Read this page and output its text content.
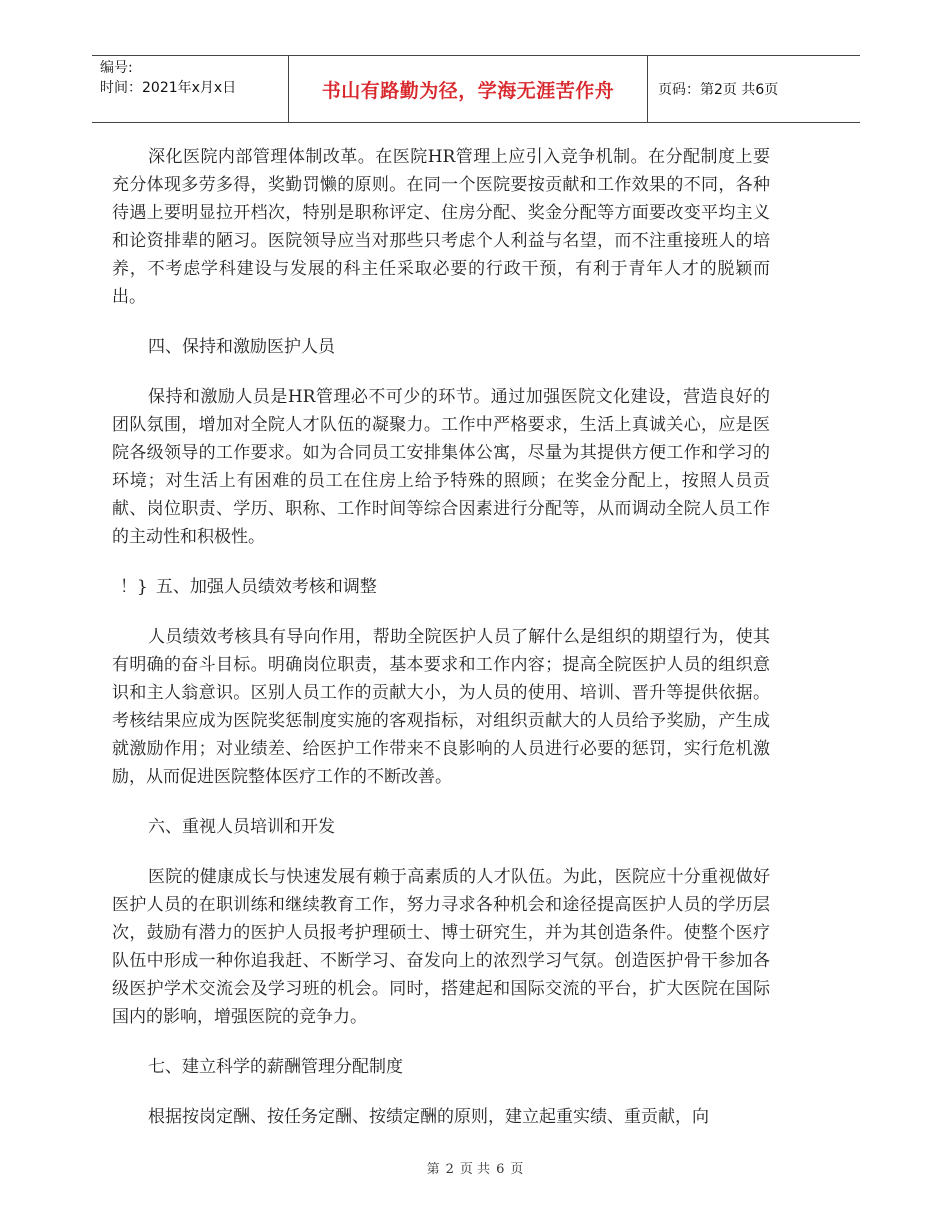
编号:
时间：2021年x月x日	书山有路勤为径，学海无涯苦作舟	页码：第2页 共6页

深化医院内部管理体制改革。在医院HR管理上应引入竞争机制。在分配制度上要充分体现多劳多得，奖勤罚懒的原则。在同一个医院要按贡献和工作效果的不同，各种待遇上要明显拉开档次，特别是职称评定、住房分配、奖金分配等方面要改变平均主义和论资排辈的陋习。医院领导应当对那些只考虑个人利益与名望，而不注重接班人的培养，不考虑学科建设与发展的科主任采取必要的行政干预，有利于青年人才的脱颖而出。

四、保持和激励医护人员

保持和激励人员是HR管理必不可少的环节。通过加强医院文化建设，营造良好的团队氛围，增加对全院人才队伍的凝聚力。工作中严格要求，生活上真诚关心，应是医院各级领导的工作要求。如为合同员工安排集体公寓，尽量为其提供方便工作和学习的环境；对生活上有困难的员工在住房上给予特殊的照顾；在奖金分配上，按照人员贡献、岗位职责、学历、职称、工作时间等综合因素进行分配等，从而调动全院人员工作的主动性和积极性。

！} 五、加强人员绩效考核和调整

人员绩效考核具有导向作用，帮助全院医护人员了解什么是组织的期望行为，使其有明确的奋斗目标。明确岗位职责，基本要求和工作内容；提高全院医护人员的组织意识和主人翁意识。区别人员工作的贡献大小，为人员的使用、培训、晋升等提供依据。考核结果应成为医院奖惩制度实施的客观指标，对组织贡献大的人员给予奖励，产生成就激励作用；对业绩差、给医护工作带来不良影响的人员进行必要的惩罚，实行危机激励，从而促进医院整体医疗工作的不断改善。

六、重视人员培训和开发

医院的健康成长与快速发展有赖于高素质的人才队伍。为此，医院应十分重视做好医护人员的在职训练和继续教育工作，努力寻求各种机会和途径提高医护人员的学历层次，鼓励有潜力的医护人员报考护理硕士、博士研究生，并为其创造条件。使整个医疗队伍中形成一种你追我赶、不断学习、奋发向上的浓烈学习气氛。创造医护骨干参加各级医护学术交流会及学习班的机会。同时，搭建起和国际交流的平台，扩大医院在国际国内的影响，增强医院的竞争力。

七、建立科学的薪酬管理分配制度

根据按岗定酬、按任务定酬、按绩定酬的原则，建立起重实绩、重贡献，向

第 2 页 共 6 页
